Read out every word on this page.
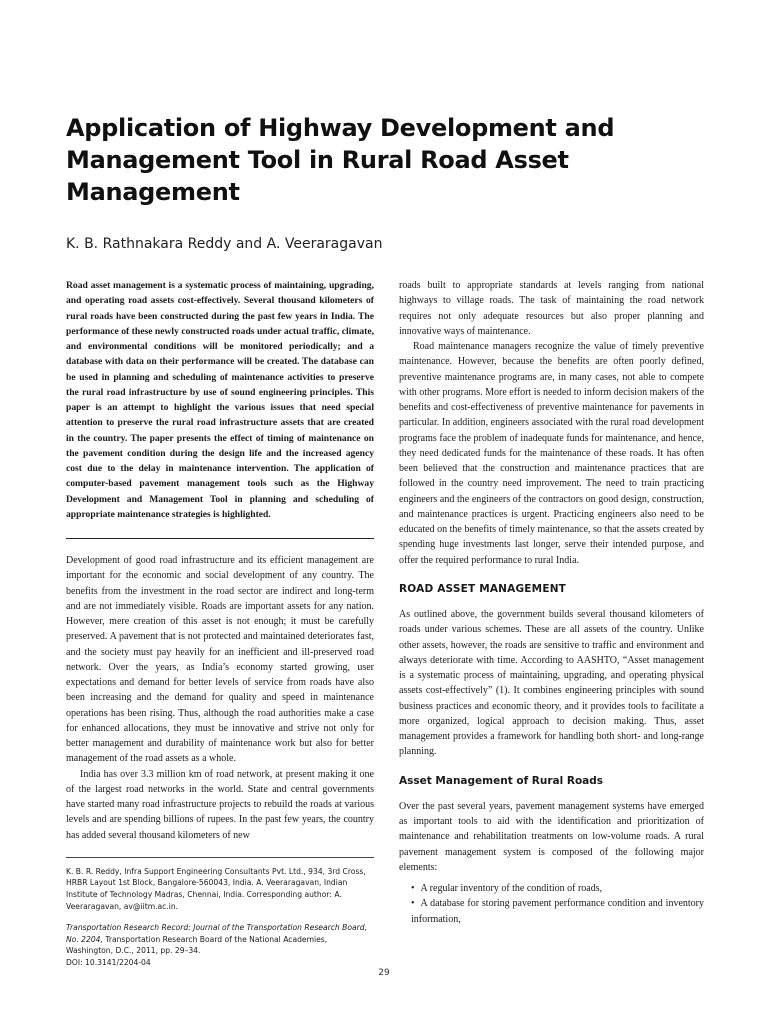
Application of Highway Development and Management Tool in Rural Road Asset Management
K. B. Rathnakara Reddy and A. Veeraragavan

Road asset management is a systematic process of maintaining, upgrading, and operating road assets cost-effectively. Several thousand kilometers of rural roads have been constructed during the past few years in India. The performance of these newly constructed roads under actual traffic, climate, and environmental conditions will be monitored periodically; and a database with data on their performance will be created. The database can be used in planning and scheduling of maintenance activities to preserve the rural road infrastructure by use of sound engineering principles. This paper is an attempt to highlight the various issues that need special attention to preserve the rural road infrastructure assets that are created in the country. The paper presents the effect of timing of maintenance on the pavement condition during the design life and the increased agency cost due to the delay in maintenance intervention. The application of computer-based pavement management tools such as the Highway Development and Management Tool in planning and scheduling of appropriate maintenance strategies is highlighted.

Development of good road infrastructure and its efficient management are important for the economic and social development of any country. The benefits from the investment in the road sector are indirect and long-term and are not immediately visible. Roads are important assets for any nation. However, mere creation of this asset is not enough; it must be carefully preserved. A pavement that is not protected and maintained deteriorates fast, and the society must pay heavily for an inefficient and ill-preserved road network. Over the years, as India’s economy started growing, user expectations and demand for better levels of service from roads have also been increasing and the demand for quality and speed in maintenance operations has been rising. Thus, although the road authorities make a case for enhanced allocations, they must be innovative and strive not only for better management and durability of maintenance work but also for better management of the road assets as a whole.

India has over 3.3 million km of road network, at present making it one of the largest road networks in the world. State and central governments have started many road infrastructure projects to rebuild the roads at various levels and are spending billions of rupees. In the past few years, the country has added several thousand kilometers of new

K. B. R. Reddy, Infra Support Engineering Consultants Pvt. Ltd., 934, 3rd Cross, HRBR Layout 1st Block, Bangalore-560043, India. A. Veeraragavan, Indian Institute of Technology Madras, Chennai, India. Corresponding author: A. Veeraragavan, av@iitm.ac.in.
Transportation Research Record: Journal of the Transportation Research Board, No. 2204, Transportation Research Board of the National Academies, Washington, D.C., 2011, pp. 29–34.
DOI: 10.3141/2204-04

roads built to appropriate standards at levels ranging from national highways to village roads. The task of maintaining the road network requires not only adequate resources but also proper planning and innovative ways of maintenance.

Road maintenance managers recognize the value of timely preventive maintenance. However, because the benefits are often poorly defined, preventive maintenance programs are, in many cases, not able to compete with other programs. More effort is needed to inform decision makers of the benefits and cost-effectiveness of preventive maintenance for pavements in particular. In addition, engineers associated with the rural road development programs face the problem of inadequate funds for maintenance, and hence, they need dedicated funds for the maintenance of these roads. It has often been believed that the construction and maintenance practices that are followed in the country need improvement. The need to train practicing engineers and the engineers of the contractors on good design, construction, and maintenance practices is urgent. Practicing engineers also need to be educated on the benefits of timely maintenance, so that the assets created by spending huge investments last longer, serve their intended purpose, and offer the required performance to rural India.

ROAD ASSET MANAGEMENT

As outlined above, the government builds several thousand kilometers of roads under various schemes. These are all assets of the country. Unlike other assets, however, the roads are sensitive to traffic and environment and always deteriorate with time. According to AASHTO, “Asset management is a systematic process of maintaining, upgrading, and operating physical assets cost-effectively” (1). It combines engineering principles with sound business practices and economic theory, and it provides tools to facilitate a more organized, logical approach to decision making. Thus, asset management provides a framework for handling both short- and long-range planning.

Asset Management of Rural Roads

Over the past several years, pavement management systems have emerged as important tools to aid with the identification and prioritization of maintenance and rehabilitation treatments on low-volume roads. A rural pavement management system is composed of the following major elements:

• A regular inventory of the condition of roads,
• A database for storing pavement performance condition and inventory information,
29
